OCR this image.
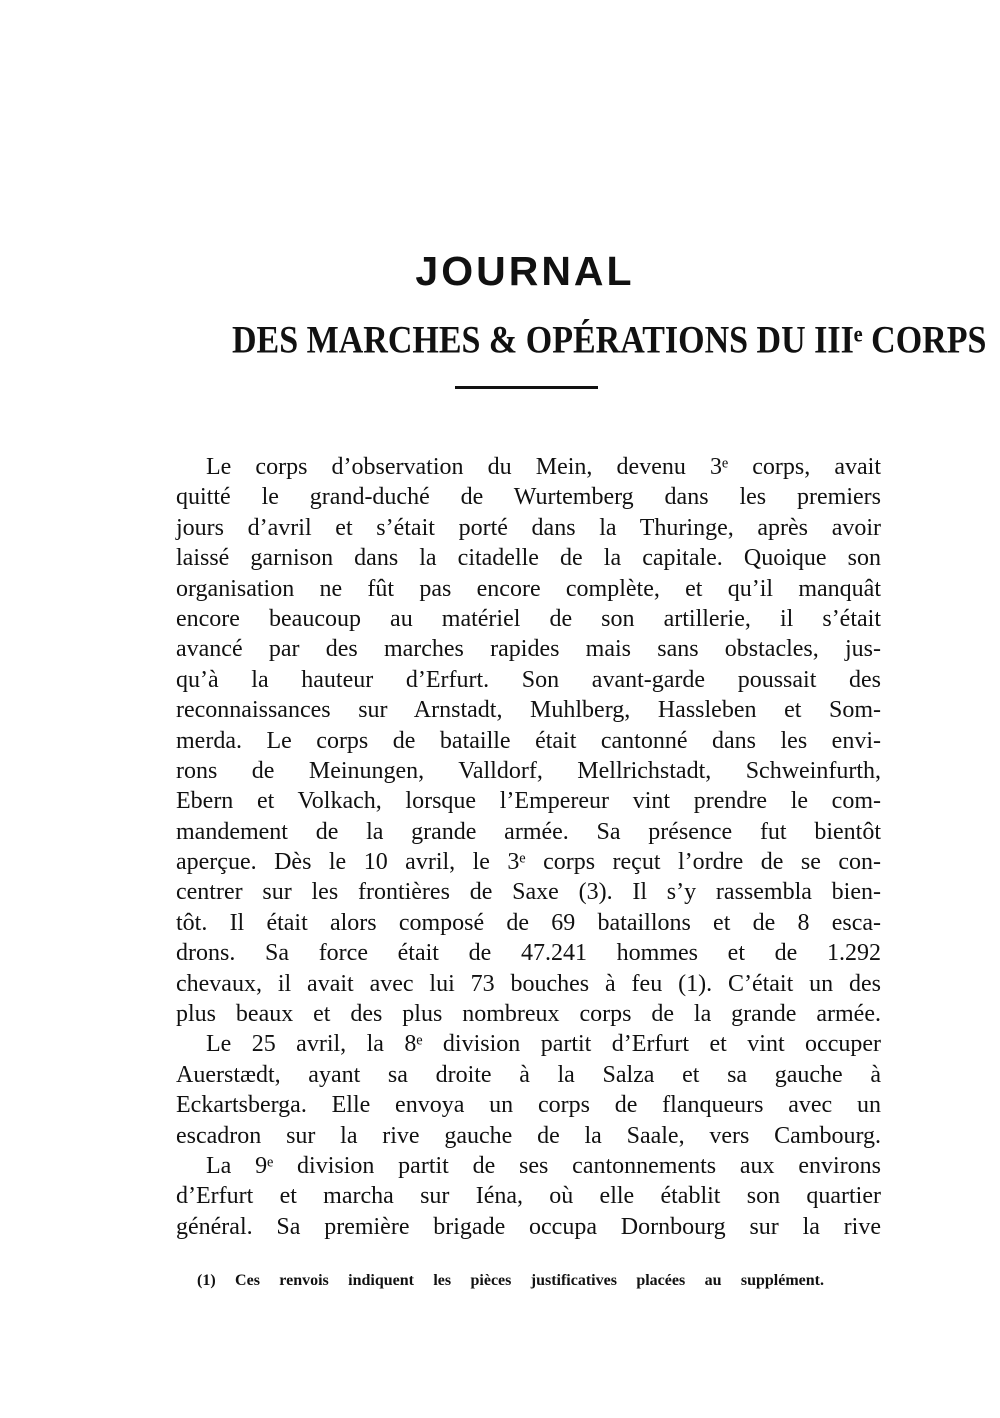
JOURNAL
DES MARCHES & OPÉRATIONS DU IIIᵉ CORPS
Le corps d’observation du Mein, devenu 3ᵉ corps, avait
quitté le grand-duché de Wurtemberg dans les premiers
jours d’avril et s’était porté dans la Thuringe, après avoir
laissé garnison dans la citadelle de la capitale. Quoique son
organisation ne fût pas encore complète, et qu’il manquât
encore beaucoup au matériel de son artillerie, il s’était
avancé par des marches rapides mais sans obstacles, jus-
qu’à la hauteur d’Erfurt. Son avant-garde poussait des
reconnaissances sur Arnstadt, Muhlberg, Hassleben et Som-
merda. Le corps de bataille était cantonné dans les envi-
rons de Meinungen, Valldorf, Mellrichstadt, Schweinfurth,
Ebern et Volkach, lorsque l’Empereur vint prendre le com-
mandement de la grande armée. Sa présence fut bientôt
aperçue. Dès le 10 avril, le 3ᵉ corps reçut l’ordre de se con-
centrer sur les frontières de Saxe (3). Il s’y rassembla bien-
tôt. Il était alors composé de 69 bataillons et de 8 esca-
drons. Sa force était de 47.241 hommes et de 1.292
chevaux, il avait avec lui 73 bouches à feu (1). C’était un des
plus beaux et des plus nombreux corps de la grande armée.
Le 25 avril, la 8ᵉ division partit d’Erfurt et vint occuper
Auerstædt, ayant sa droite à la Salza et sa gauche à
Eckartsberga. Elle envoya un corps de flanqueurs avec un
escadron sur la rive gauche de la Saale, vers Cambourg.
La 9ᵉ division partit de ses cantonnements aux environs
d’Erfurt et marcha sur Iéna, où elle établit son quartier
général. Sa première brigade occupa Dornbourg sur la rive
(1) Ces renvois indiquent les pièces justificatives placées au supplément.
